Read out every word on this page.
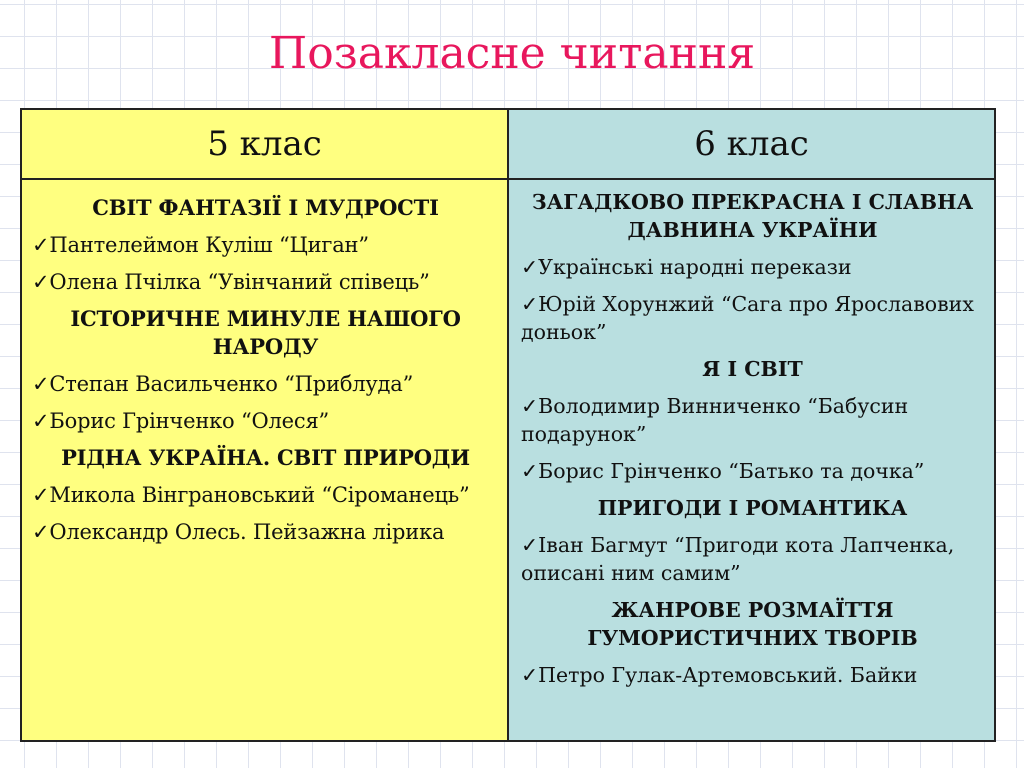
Позакласне читання
5 клас	6 клас
СВІТ ФАНТАЗІЇ І МУДРОСТІ
✓Пантелеймон Куліш “Циган”
✓Олена Пчілка “Увінчаний співець”
ІСТОРИЧНЕ МИНУЛЕ НАШОГО НАРОДУ
✓Степан Васильченко “Приблуда”
✓Борис Грінченко “Олеся”
РІДНА УКРАЇНА. СВІТ ПРИРОДИ
✓Микола Вінграновський “Сіроманець”
✓Олександр Олесь. Пейзажна лірика
ЗАГАДКОВО ПРЕКРАСНА І СЛАВНА ДАВНИНА УКРАЇНИ
✓Українські народні перекази
✓Юрій Хорунжий “Сага про Ярославових доньок”
Я І СВІТ
✓Володимир Винниченко “Бабусин подарунок”
✓Борис Грінченко “Батько та дочка”
ПРИГОДИ І РОМАНТИКА
✓Іван Багмут “Пригоди кота Лапченка, описані ним самим”
ЖАНРОВЕ РОЗМАЇТТЯ ГУМОРИСТИЧНИХ ТВОРІВ
✓Петро Гулак-Артемовський. Байки
